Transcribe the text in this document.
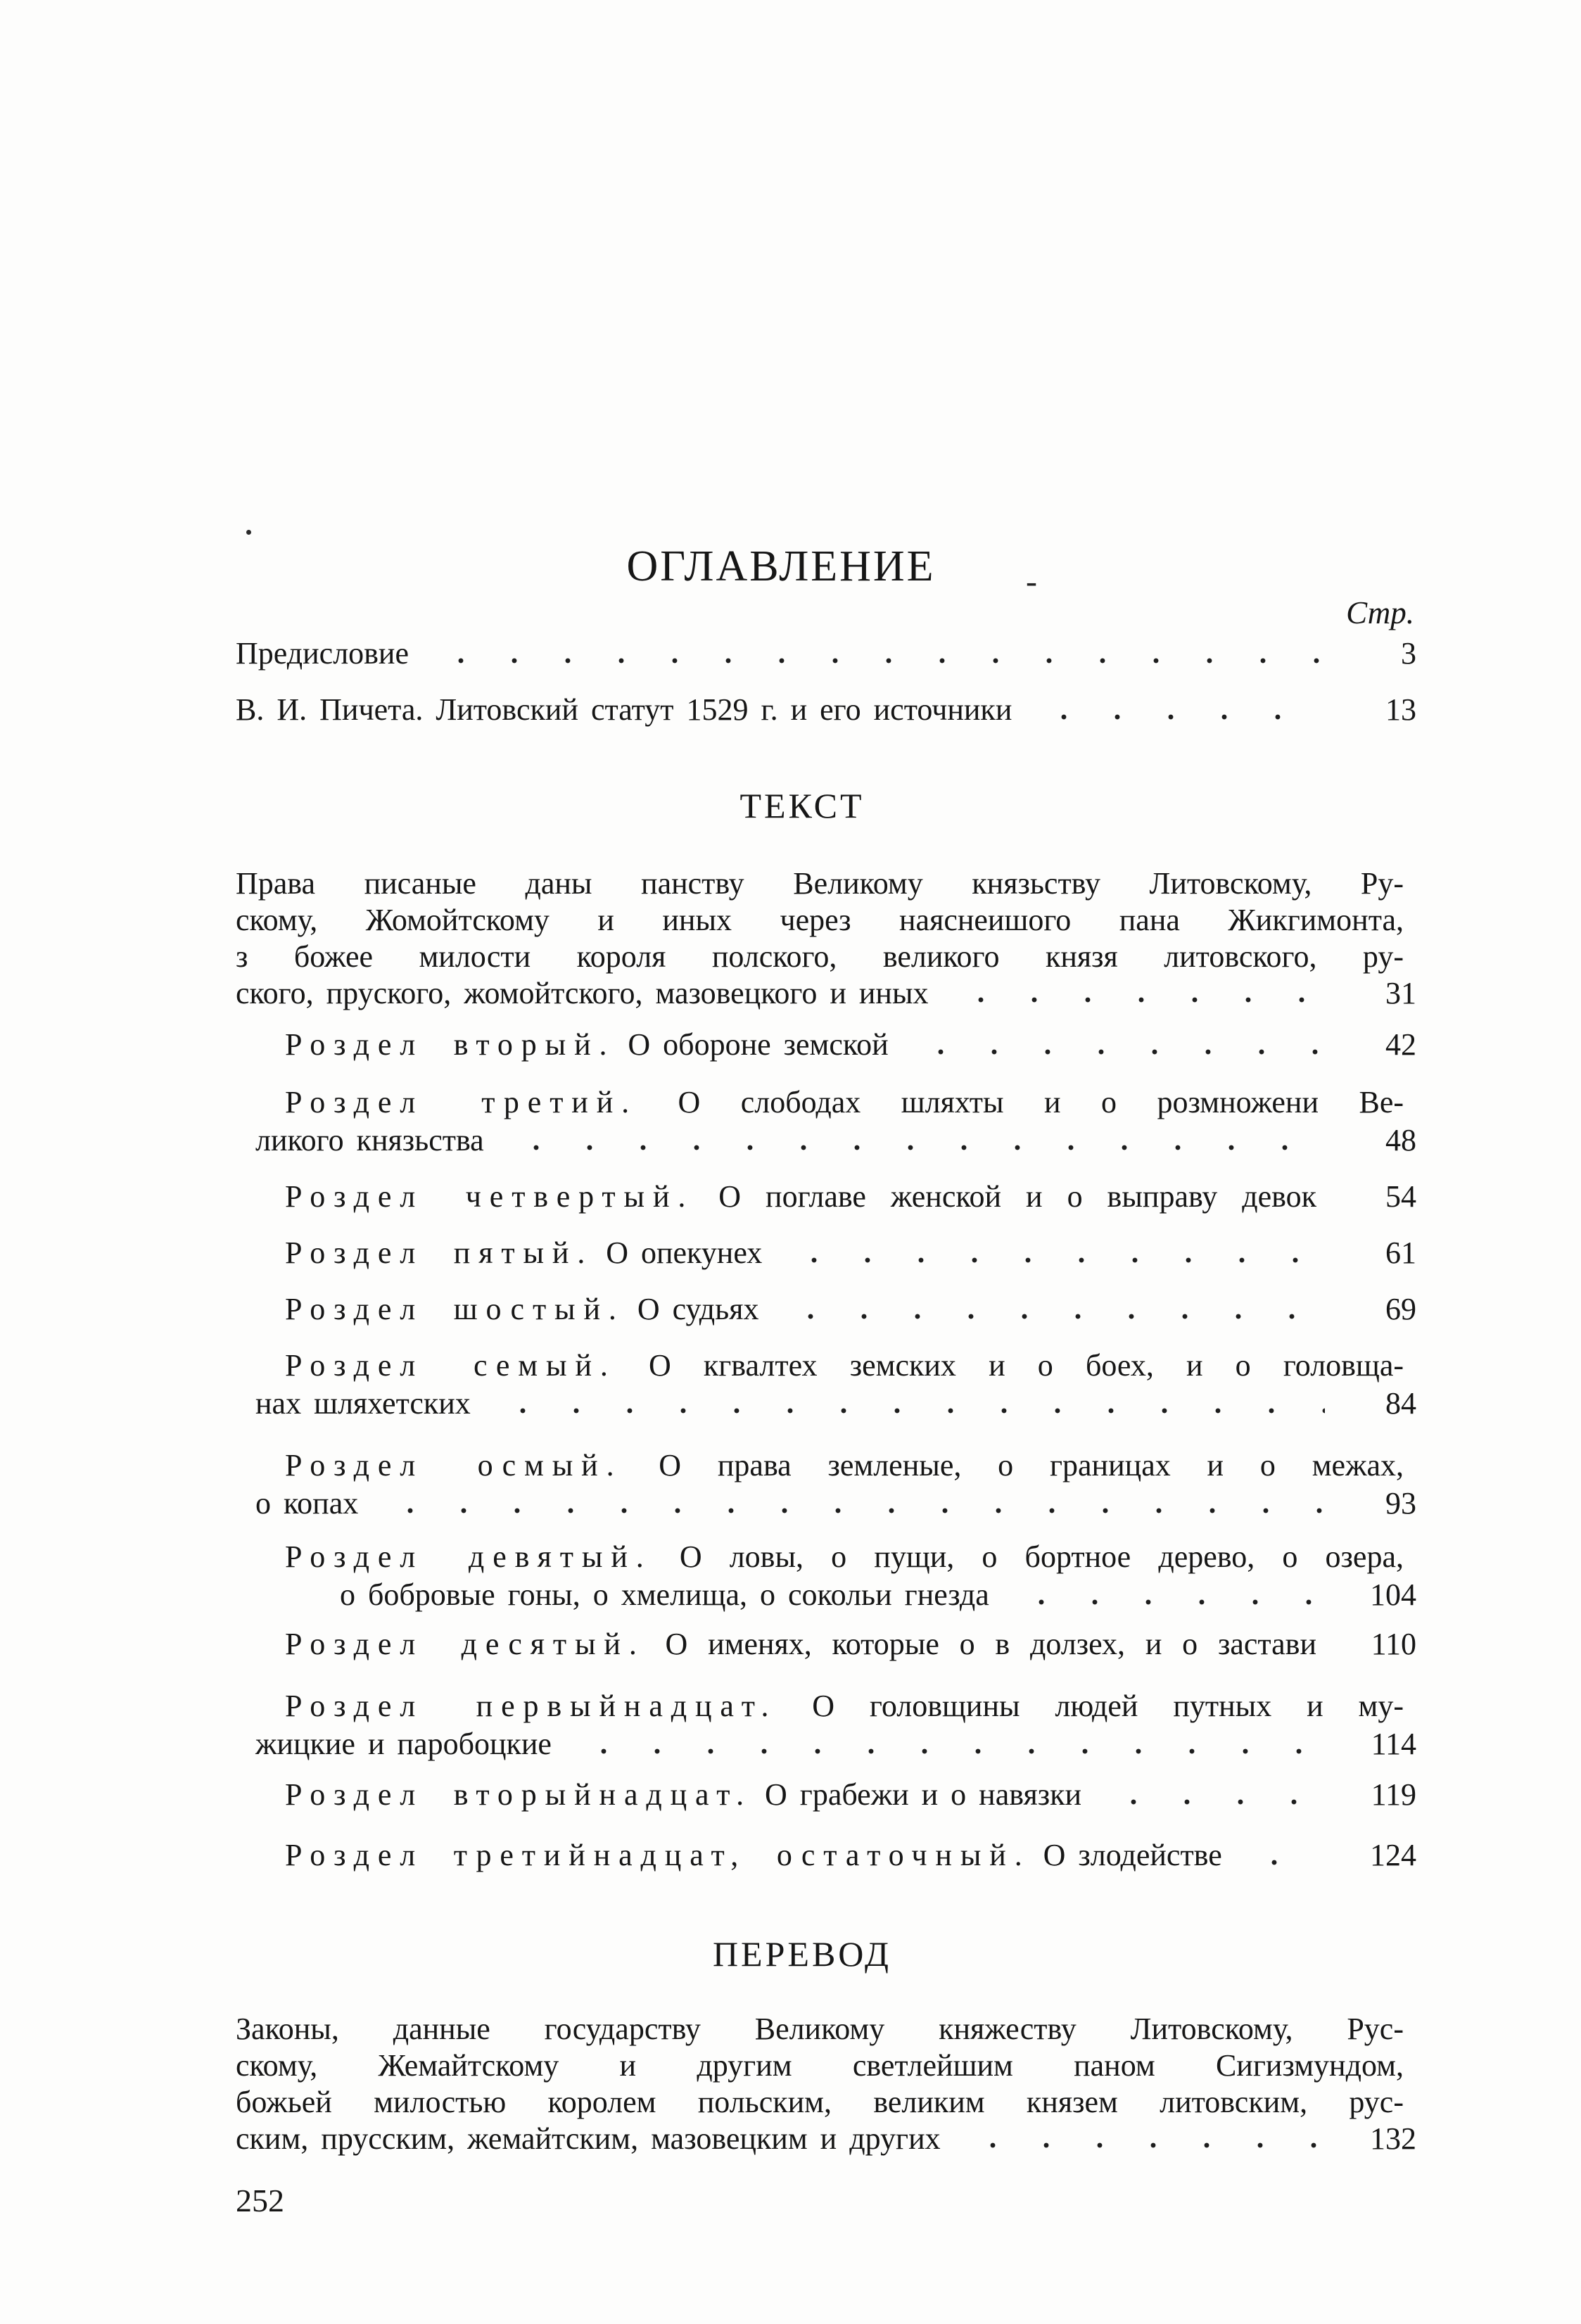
-
ОГЛАВЛЕНИЕ
Стр.
Предисловие	3
В. И. Пичета. Литовский статут 1529 г. и его источники	13
ТЕКСТ
Права писаные даны панству Великому князьству Литовскому, Ру-
скому, Жомойтскому и иных через наяснеишого пана Жикгимонта,
з божее милости короля полского, великого князя литовского, ру-
ского, пруского, жомойтского, мазовецкого и иных	31
Роздел вторый. О обороне земской	42
Роздел третий. О слободах шляхты и о розмножени Ве-
ликого князьства	48
Роздел четвертый. О поглаве женской и о выправу девок	54
Роздел пятый. О опекунех	61
Роздел шостый. О судьях	69
Роздел семый. О кгвалтех земских и о боех, и о головща-
нах шляхетских	84
Роздел осмый. О права земленые, о границах и о межах,
о копах	93
Роздел девятый. О ловы, о пущи, о бортное дерево, о озера,
о бобровые гоны, о хмелища, о сокольи гнезда	104
Роздел десятый. О именях, которые о в долзех, и о застави	110
Роздел первыйнадцат. О головщины людей путных и му-
жицкие и паробоцкие	114
Роздел вторыйнадцат. О грабежи и о навязки	119
Роздел третийнадцат, остаточный. О злодействе	124
ПЕРЕВОД
Законы, данные государству Великому княжеству Литовскому, Рус-
скому, Жемайтскому и другим светлейшим паном Сигизмундом,
божьей милостью королем польским, великим князем литовским, рус-
ским, прусским, жемайтским, мазовецким и других	132
252
